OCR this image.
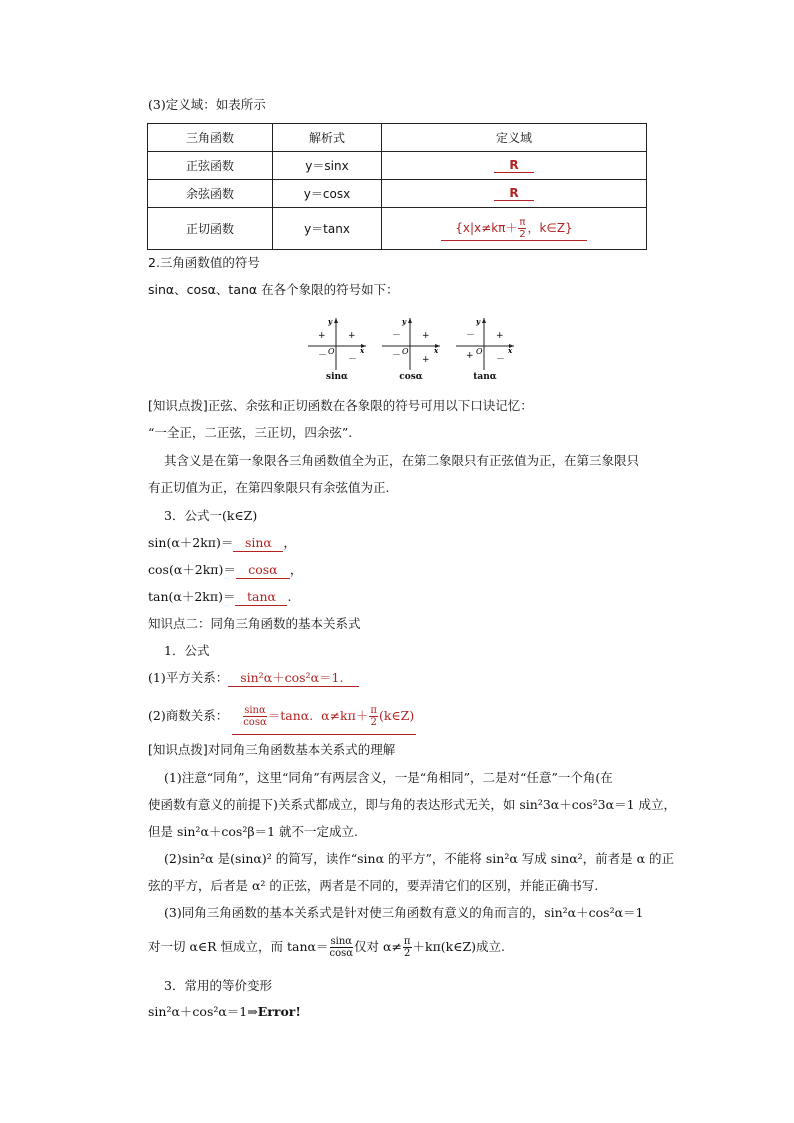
(3)定义域：如表所示
三角函数	解析式	定义域
正弦函数	y＝sinx	R
余弦函数	y＝cosx	R
正切函数	y＝tanx	{$x|x\ne k\pi+ \frac{\pi}{2}$ ，k∈Z}
2.三角函数值的符号
sinα、cosα、tanα 在各个象限的符号如下：
y
x
O
+
+
－ －
sinα
y
x
O
+
－
－ +
cosα
y
x
O
+
－
+ －
tanα
[知识点拨]正弦、余弦和正切函数在各象限的符号可用以下口诀记忆：
“一全正，二正弦，三正切，四余弦”.
其含义是在第一象限各三角函数值全为正，在第二象限只有正弦值为正，在第三象限只
有正切值为正，在第四象限只有余弦值为正.
3．公式一(k∈Z)
sin(α＋2kπ)＝ sinα ，
cos(α＋2kπ)＝ cosα ，
tan(α＋2kπ)＝ tanα .
知识点二：同角三角函数的基本关系式
1．公式
(1)平方关系： sin²α＋cos²α＝1.
(2)商数关系： $\frac{\sin\alpha}{\cos\alpha} =\tan\alpha$. $\alpha\ne k\pi+ \frac{\pi}{2}$ (k∈Z)
[知识点拨]对同角三角函数基本关系式的理解
(1)注意“同角”，这里“同角”有两层含义，一是“角相同”，二是对“任意”一个角(在
使函数有意义的前提下)关系式都成立，即与角的表达形式无关，如 sin²3α＋cos²3α＝1 成立，
但是 sin²α＋cos²β＝1 就不一定成立.
(2)sin²α 是(sinα)² 的简写，读作“sinα 的平方”，不能将 sin²α 写成 sinα²，前者是 α 的正
弦的平方，后者是 α² 的正弦，两者是不同的，要弄清它们的区别，并能正确书写.
(3)同角三角函数的基本关系式是针对使三角函数有意义的角而言的，sin²α＋cos²α＝1
对一切 α∈R 恒成立，而 $\tan\alpha= \frac{\sin\alpha}{\cos\alpha}$ 仅对 $\alpha\ne \frac{\pi}{2}$ ＋kπ(k∈Z)成立.
3．常用的等价变形
sin²α＋cos²α＝1⇒Error!
